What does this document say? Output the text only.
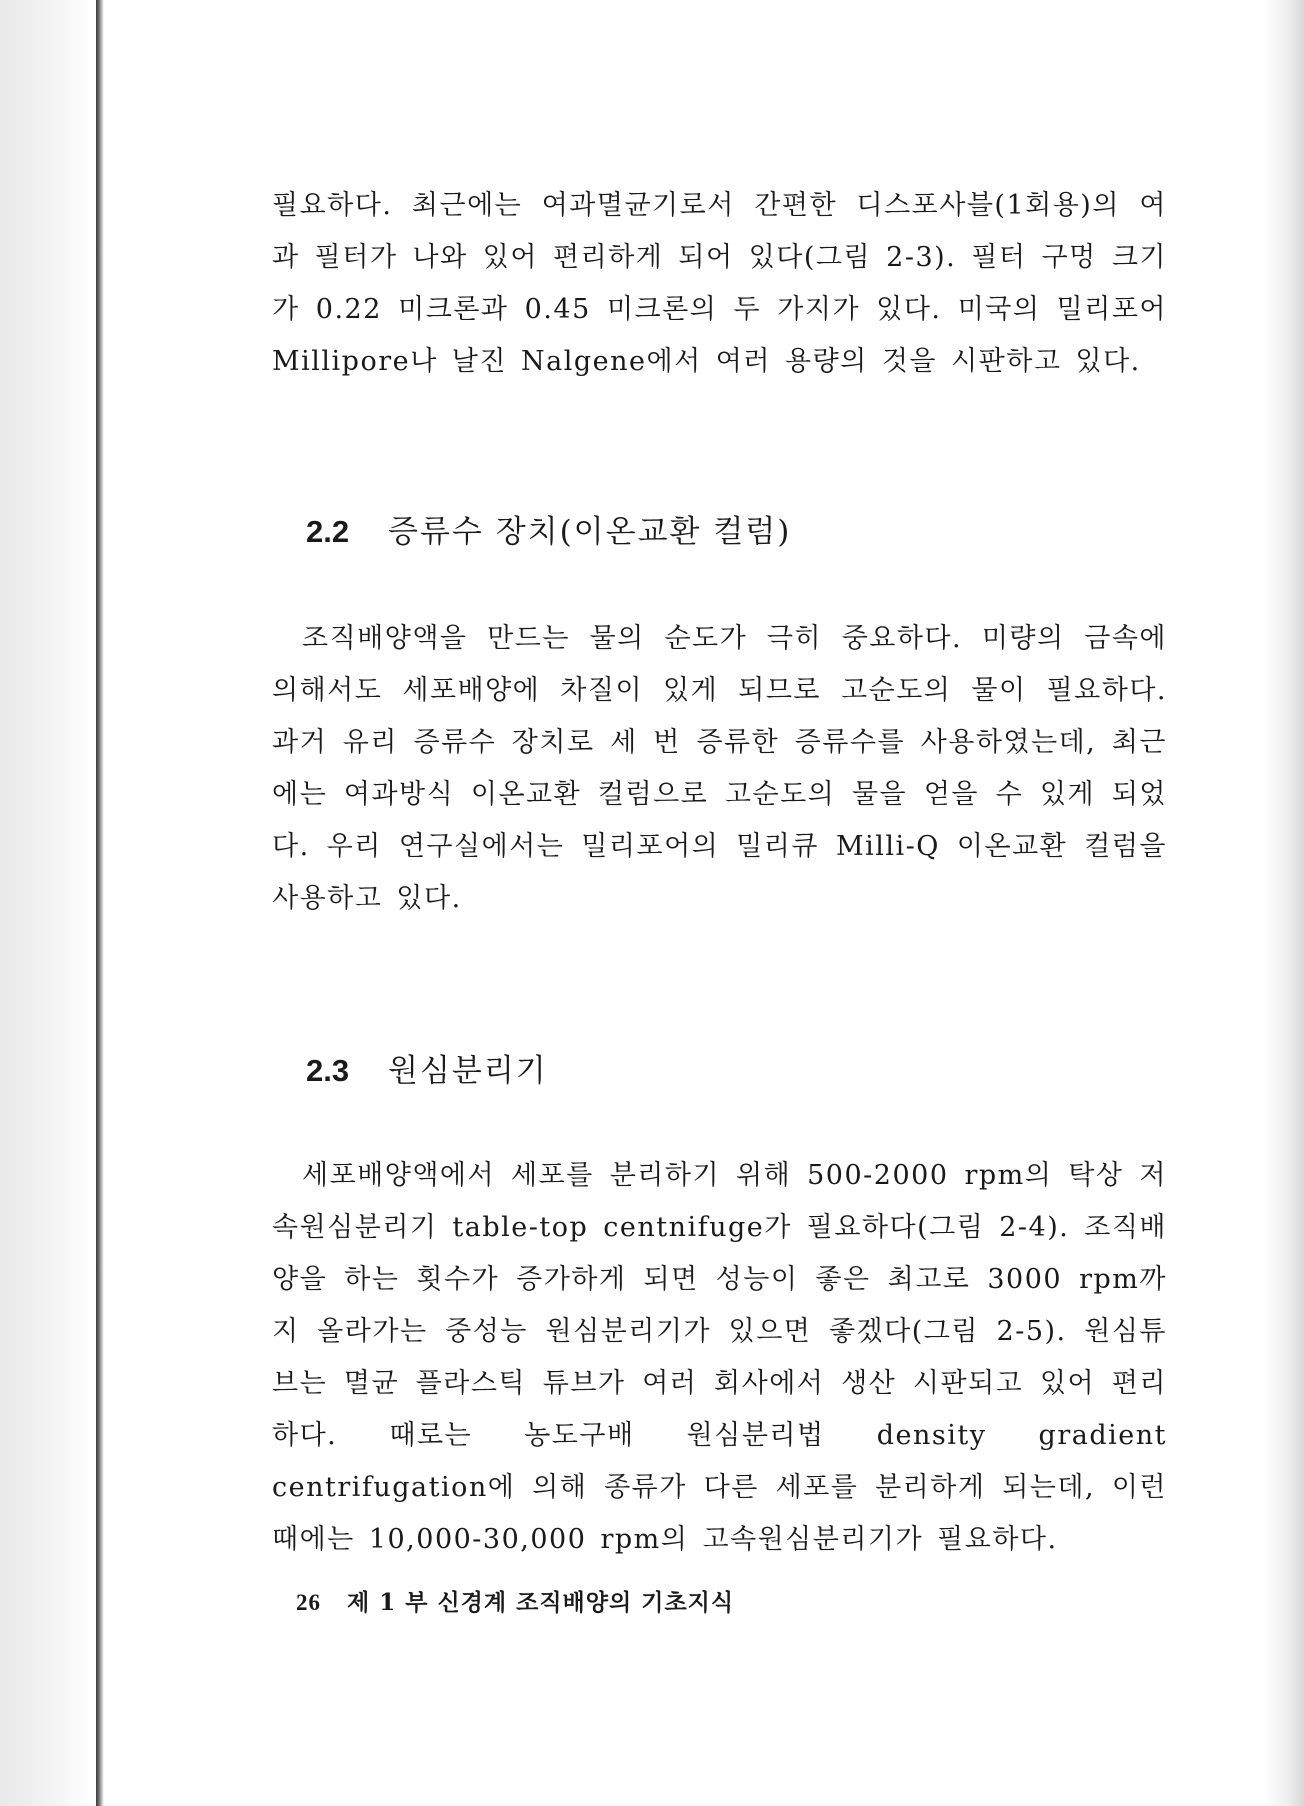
필요하다. 최근에는 여과멸균기로서 간편한 디스포사블(1회용)의 여과 필터가 나와 있어 편리하게 되어 있다(그림 2-3). 필터 구멍 크기가 0.22 미크론과 0.45 미크론의 두 가지가 있다. 미국의 밀리포어 Millipore나 날진 Nalgene에서 여러 용량의 것을 시판하고 있다.

2.2	증류수 장치(이온교환 컬럼)

조직배양액을 만드는 물의 순도가 극히 중요하다. 미량의 금속에 의해서도 세포배양에 차질이 있게 되므로 고순도의 물이 필요하다. 과거 유리 증류수 장치로 세 번 증류한 증류수를 사용하였는데, 최근에는 여과방식 이온교환 컬럼으로 고순도의 물을 얻을 수 있게 되었다. 우리 연구실에서는 밀리포어의 밀리큐 Milli-Q 이온교환 컬럼을 사용하고 있다.

2.3	원심분리기

세포배양액에서 세포를 분리하기 위해 500-2000 rpm의 탁상 저속원심분리기 table-top centnifuge가 필요하다(그림 2-4). 조직배양을 하는 횟수가 증가하게 되면 성능이 좋은 최고로 3000 rpm까지 올라가는 중성능 원심분리기가 있으면 좋겠다(그림 2-5). 원심튜브는 멸균 플라스틱 튜브가 여러 회사에서 생산 시판되고 있어 편리하다. 때로는 농도구배 원심분리법 density gradient centrifugation에 의해 종류가 다른 세포를 분리하게 되는데, 이런 때에는 10,000-30,000 rpm의 고속원심분리기가 필요하다.

26 제 1 부 신경계 조직배양의 기초지식
